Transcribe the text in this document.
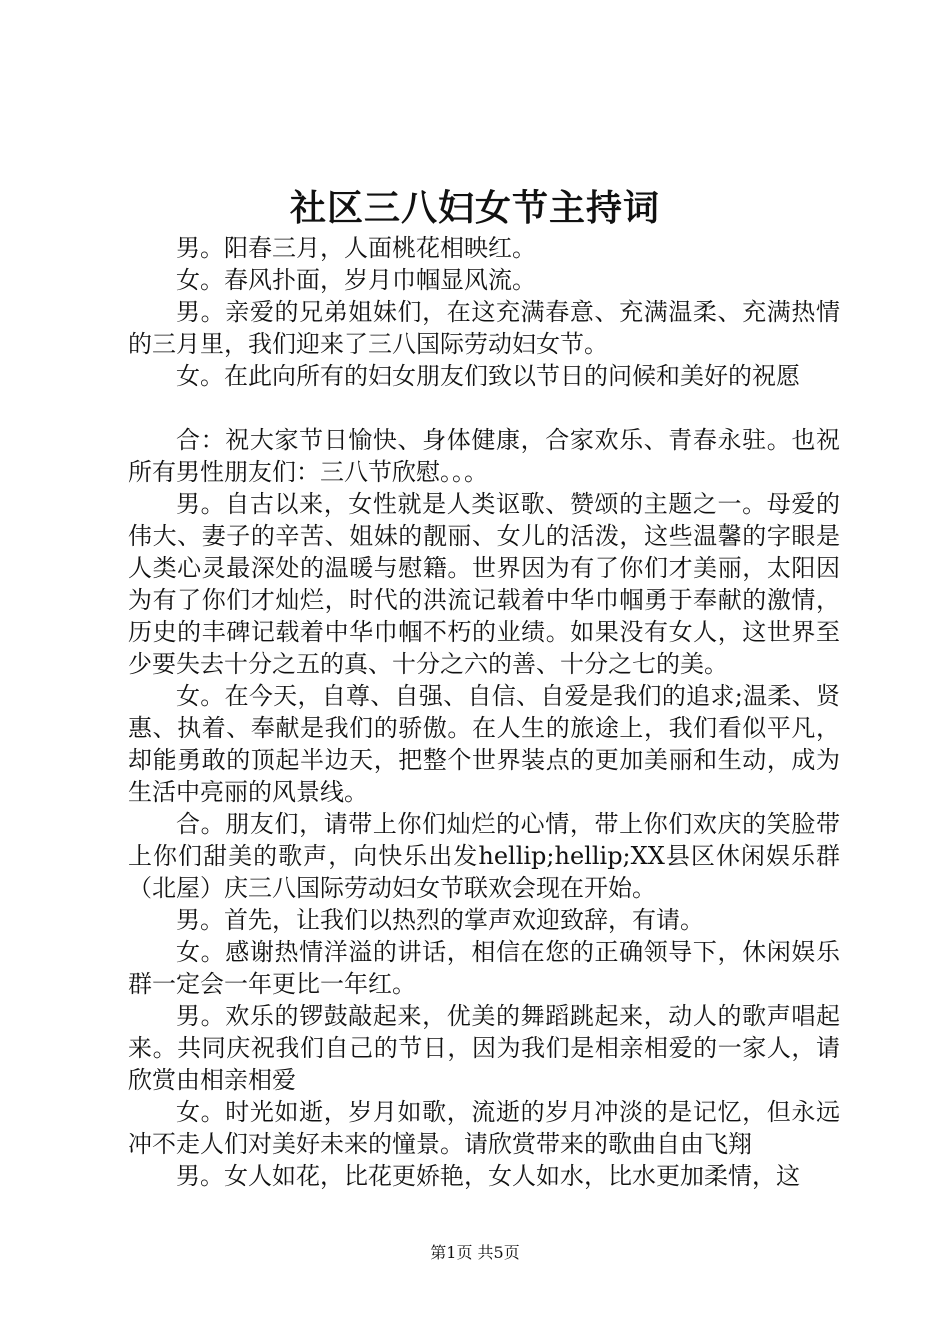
社区三八妇女节主持词

男。阳春三月，人面桃花相映红。

女。春风扑面，岁月巾帼显风流。

男。亲爱的兄弟姐妹们，在这充满春意、充满温柔、充满热情的三月里，我们迎来了三八国际劳动妇女节。

女。在此向所有的妇女朋友们致以节日的问候和美好的祝愿

合：祝大家节日愉快、身体健康，合家欢乐、青春永驻。也祝所有男性朋友们：三八节欣慰。。。

男。自古以来，女性就是人类讴歌、赞颂的主题之一。母爱的伟大、妻子的辛苦、姐妹的靓丽、女儿的活泼，这些温馨的字眼是人类心灵最深处的温暖与慰籍。世界因为有了你们才美丽，太阳因为有了你们才灿烂，时代的洪流记载着中华巾帼勇于奉献的激情，历史的丰碑记载着中华巾帼不朽的业绩。如果没有女人，这世界至少要失去十分之五的真、十分之六的善、十分之七的美。

女。在今天，自尊、自强、自信、自爱是我们的追求;温柔、贤惠、执着、奉献是我们的骄傲。在人生的旅途上，我们看似平凡，却能勇敢的顶起半边天，把整个世界装点的更加美丽和生动，成为生活中亮丽的风景线。

合。朋友们，请带上你们灿烂的心情，带上你们欢庆的笑脸带上你们甜美的歌声，向快乐出发hellip;hellip;XX县区休闲娱乐群（北屋）庆三八国际劳动妇女节联欢会现在开始。

男。首先，让我们以热烈的掌声欢迎致辞，有请。

女。感谢热情洋溢的讲话，相信在您的正确领导下，休闲娱乐群一定会一年更比一年红。

男。欢乐的锣鼓敲起来，优美的舞蹈跳起来，动人的歌声唱起来。共同庆祝我们自己的节日，因为我们是相亲相爱的一家人，请欣赏由相亲相爱

女。时光如逝，岁月如歌，流逝的岁月冲淡的是记忆，但永远冲不走人们对美好未来的憧景。请欣赏带来的歌曲自由飞翔

男。女人如花，比花更娇艳，女人如水，比水更加柔情，这

第1页 共5页
